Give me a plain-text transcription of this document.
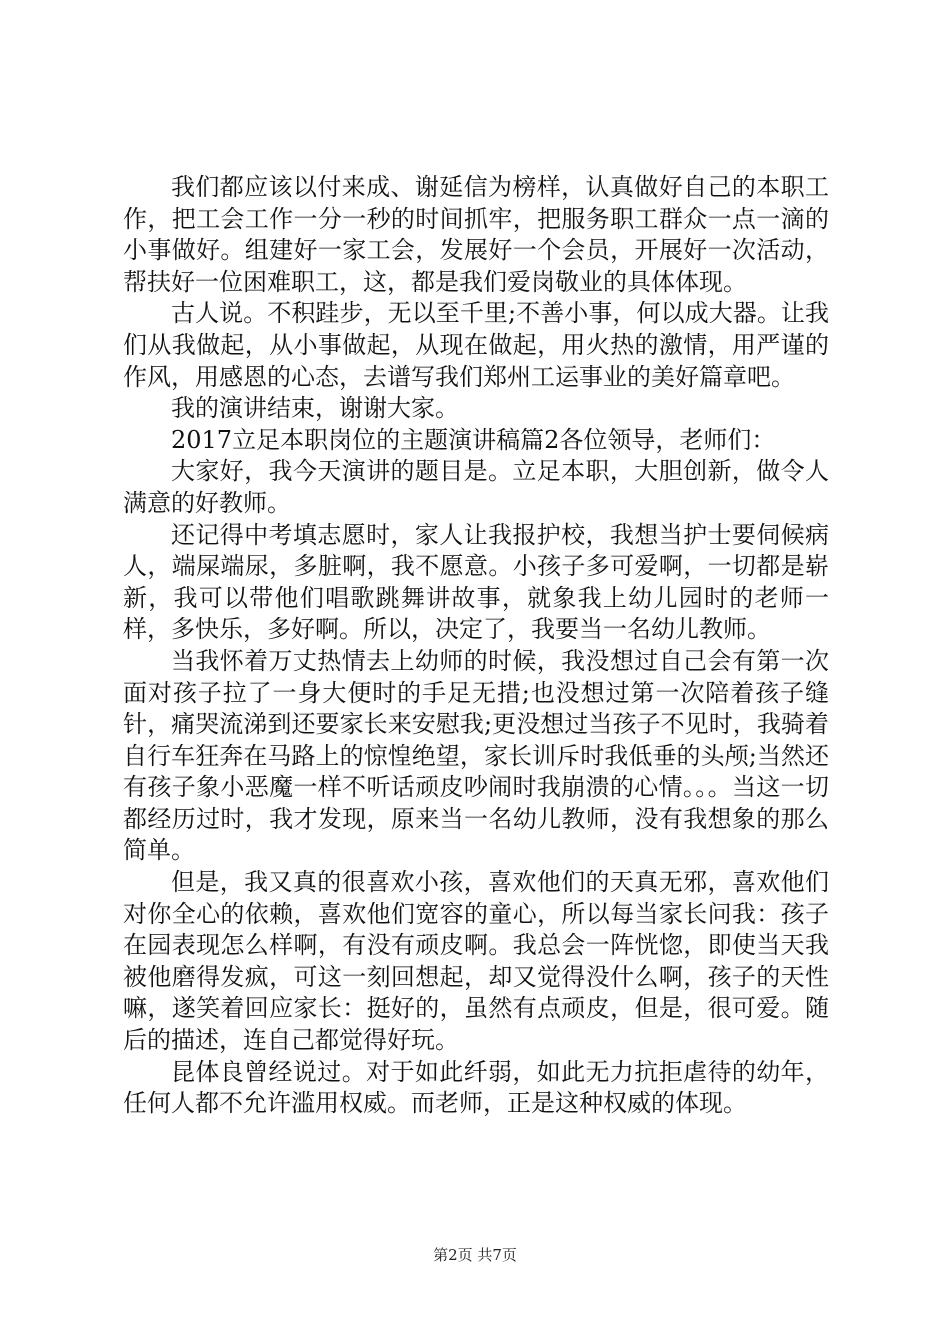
我们都应该以付来成、谢延信为榜样，认真做好自己的本职工作，把工会工作一分一秒的时间抓牢，把服务职工群众一点一滴的小事做好。组建好一家工会，发展好一个会员，开展好一次活动，帮扶好一位困难职工，这，都是我们爱岗敬业的具体体现。

古人说。不积跬步，无以至千里;不善小事，何以成大器。让我们从我做起，从小事做起，从现在做起，用火热的激情，用严谨的作风，用感恩的心态，去谱写我们郑州工运事业的美好篇章吧。

我的演讲结束，谢谢大家。

2017立足本职岗位的主题演讲稿篇2各位领导，老师们：

大家好，我今天演讲的题目是。立足本职，大胆创新，做令人满意的好教师。

还记得中考填志愿时，家人让我报护校，我想当护士要伺候病人，端屎端尿，多脏啊，我不愿意。小孩子多可爱啊，一切都是崭新，我可以带他们唱歌跳舞讲故事，就象我上幼儿园时的老师一样，多快乐，多好啊。所以，决定了，我要当一名幼儿教师。

当我怀着万丈热情去上幼师的时候，我没想过自己会有第一次面对孩子拉了一身大便时的手足无措;也没想过第一次陪着孩子缝针，痛哭流涕到还要家长来安慰我;更没想过当孩子不见时，我骑着自行车狂奔在马路上的惊惶绝望，家长训斥时我低垂的头颅;当然还有孩子象小恶魔一样不听话顽皮吵闹时我崩溃的心情。。。当这一切都经历过时，我才发现，原来当一名幼儿教师，没有我想象的那么简单。

但是，我又真的很喜欢小孩，喜欢他们的天真无邪，喜欢他们对你全心的依赖，喜欢他们宽容的童心，所以每当家长问我：孩子在园表现怎么样啊，有没有顽皮啊。我总会一阵恍惚，即使当天我被他磨得发疯，可这一刻回想起，却又觉得没什么啊，孩子的天性嘛，遂笑着回应家长：挺好的，虽然有点顽皮，但是，很可爱。随后的描述，连自己都觉得好玩。

昆体良曾经说过。对于如此纤弱，如此无力抗拒虐待的幼年，任何人都不允许滥用权威。而老师，正是这种权威的体现。

第2页 共7页
